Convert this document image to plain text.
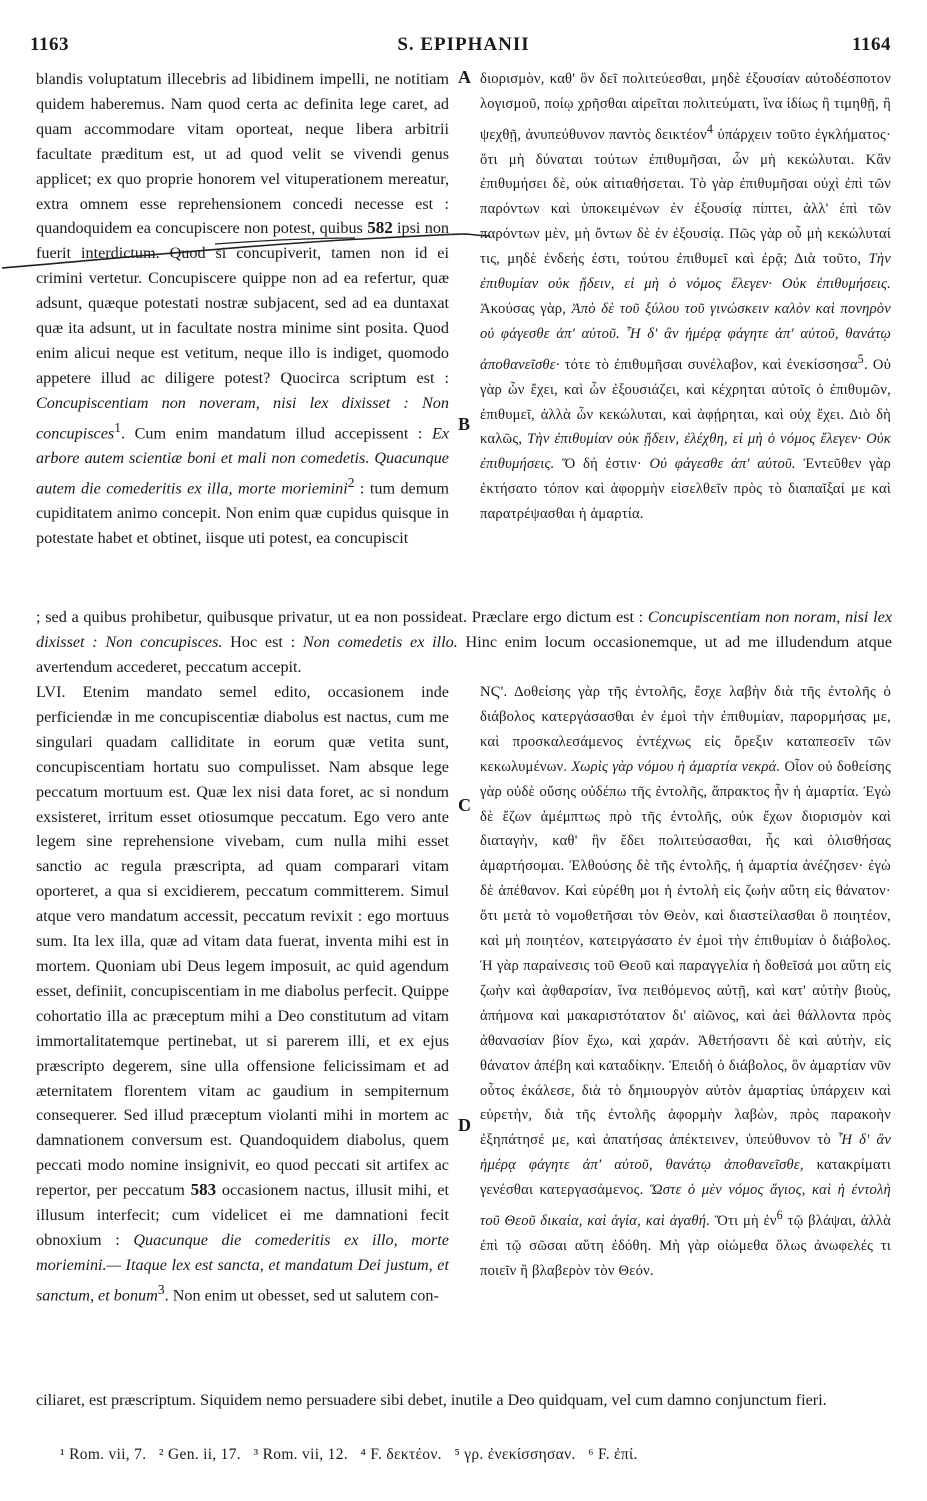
1163	S. EPIPHANII	1164
A
B
C
D
blandis voluptatum illecebris ad libidinem impelli, ne notitiam quidem haberemus. Nam quod certa ac definita lege caret, ad quam accommodare vitam oporteat, neque libera arbitrii facultate præditum est, ut ad quod velit se vivendi genus applicet; ex quo proprie honorem vel vituperationem mereatur, extra omnem esse reprehensionem concedi necesse est : quandoquidem ea concupiscere non potest, quibus 582 ipsi non fuerit interdictum. Quod si concupiverit, tamen non id ei crimini vertetur. Concupiscere quippe non ad ea refertur, quæ adsunt, quæque potestati nostræ subjacent, sed ad ea duntaxat quæ ita adsunt, ut in facultate nostra minime sint posita. Quod enim alicui neque est vetitum, neque illo is indiget, quomodo appetere illud ac diligere potest? Quocirca scriptum est : Concupiscentiam non noveram, nisi lex dixisset : Non concupisces$^1$. Cum enim mandatum illud accepissent : Ex arbore autem scientiæ boni et mali non comedetis. Quacunque autem die comederitis ex illa, morte moriemini$^2$ : tum demum cupiditatem animo concepit. Non enim quæ cupidus quisque in potestate habet et obtinet, iisque uti potest, ea concupiscit
διορισμὸν, καθ' ὃν δεῖ πολιτεύεσθαι, μηδὲ ἐξουσίαν αὐτοδέσποτον λογισμοῦ, ποίῳ χρῆσθαι αἱρεῖται πολιτεύματι, ἵνα ἰδίως ἢ τιμηθῇ, ἢ ψεχθῇ, ἀνυπεύθυνον παντὸς δεικτέον$^4$ ὑπάρχειν τοῦτο ἐγκλήματος· ὅτι μὴ δύναται τούτων ἐπιθυμῆσαι, ὧν μὴ κεκώλυται. Κἂν ἐπιθυμήσει δὲ, οὐκ αἰτιαθήσεται. Τὸ γὰρ ἐπιθυμῆσαι οὐχὶ ἐπὶ τῶν παρόντων καὶ ὑποκειμένων ἐν ἐξουσίᾳ πίπτει, ἀλλ' ἐπὶ τῶν παρόντων μὲν, μὴ ὄντων δὲ ἐν ἐξουσίᾳ. Πῶς γὰρ οὗ μὴ κεκώλυταί τις, μηδὲ ἐνδεής ἐστι, τούτου ἐπιθυμεῖ καὶ ἐρᾷ; Διὰ τοῦτο, Τὴν ἐπιθυμίαν οὐκ ᾔδειν, εἰ μὴ ὁ νόμος ἔλεγεν· Οὐκ ἐπιθυμήσεις. Ἀκούσας γὰρ, Ἀπὸ δὲ τοῦ ξύλου τοῦ γινώσκειν καλὸν καὶ πονηρὸν οὐ φάγεσθε ἀπ' αὐτοῦ. Ἧ δ' ἂν ἡμέρᾳ φάγητε ἀπ' αὐτοῦ, θανάτῳ ἀποθανεῖσθε· τότε τὸ ἐπιθυμῆσαι συνέλαβον, καὶ ἐνεκίσσησα$^5$. Οὐ γὰρ ὧν ἔχει, καὶ ὧν ἐξουσιάζει, καὶ κέχρηται αὐτοῖς ὁ ἐπιθυμῶν, ἐπιθυμεῖ, ἀλλὰ ὧν κεκώλυται, καὶ ἀφῄρηται, καὶ οὐχ ἔχει. Διὸ δὴ καλῶς, Τὴν ἐπιθυμίαν οὐκ ᾔδειν, ἐλέχθη, εἰ μὴ ὁ νόμος ἔλεγεν· Οὐκ ἐπιθυμήσεις. Ὅ δή ἐστιν· Οὐ φάγεσθε ἀπ' αὐτοῦ. Ἐντεῦθεν γὰρ ἐκτήσατο τόπον καὶ ἀφορμὴν εἰσελθεῖν πρὸς τὸ διαπαῖξαί με καὶ παρατρέψασθαι ἡ ἁμαρτία.
; sed a quibus prohibetur, quibusque privatur, ut ea non possideat. Præclare ergo dictum est : Concupiscentiam non noram, nisi lex dixisset : Non concupisces. Hoc est : Non comedetis ex illo. Hinc enim locum occasionemque, ut ad me illudendum atque avertendum accederet, peccatum accepit.
LVI. Etenim mandato semel edito, occasionem inde perficiendæ in me concupiscentiæ diabolus est nactus, cum me singulari quadam calliditate in eorum quæ vetita sunt, concupiscentiam hortatu suo compulisset. Nam absque lege peccatum mortuum est. Quæ lex nisi data foret, ac si nondum exsisteret, irritum esset otiosumque peccatum. Ego vero ante legem sine reprehensione vivebam, cum nulla mihi esset sanctio ac regula præscripta, ad quam comparari vitam oporteret, a qua si excidierem, peccatum committerem. Simul atque vero mandatum accessit, peccatum revixit : ego mortuus sum. Ita lex illa, quæ ad vitam data fuerat, inventa mihi est in mortem. Quoniam ubi Deus legem imposuit, ac quid agendum esset, definiit, concupiscentiam in me diabolus perfecit. Quippe cohortatio illa ac præceptum mihi a Deo constitutum ad vitam immortalitatemque pertinebat, ut si parerem illi, et ex ejus præscripto degerem, sine ulla offensione felicissimam et ad æternitatem florentem vitam ac gaudium in sempiternum consequerer. Sed illud præceptum violanti mihi in mortem ac damnationem conversum est. Quandoquidem diabolus, quem peccati modo nomine insignivit, eo quod peccati sit artifex ac repertor, per peccatum 583 occasionem nactus, illusit mihi, et illusum interfecit; cum videlicet ei me damnationi fecit obnoxium : Quacunque die comederitis ex illo, morte moriemini.— Itaque lex est sancta, et mandatum Dei justum, et sanctum, et bonum$^3$. Non enim ut obesset, sed ut salutem con-
ΝϚ'. Δοθείσης γὰρ τῆς ἐντολῆς, ἔσχε λαβὴν διὰ τῆς ἐντολῆς ὁ διάβολος κατεργάσασθαι ἐν ἐμοὶ τὴν ἐπιθυμίαν, παρορμήσας με, καὶ προσκαλεσάμενος ἐντέχνως εἰς ὄρεξιν καταπεσεῖν τῶν κεκωλυμένων. Χωρὶς γὰρ νόμου ἡ ἁμαρτία νεκρά. Οἷον οὐ δοθείσης γὰρ οὐδὲ οὔσης οὐδέπω τῆς ἐντολῆς, ἄπρακτος ἦν ἡ ἁμαρτία. Ἐγὼ δὲ ἔζων ἀμέμπτως πρὸ τῆς ἐντολῆς, οὐκ ἔχων διορισμὸν καὶ διαταγὴν, καθ' ἣν ἔδει πολιτεύσασθαι, ἧς καὶ ὀλισθήσας ἁμαρτήσομαι. Ἐλθούσης δὲ τῆς ἐντολῆς, ἡ ἁμαρτία ἀνέζησεν· ἐγὼ δὲ ἀπέθανον. Καὶ εὑρέθη μοι ἡ ἐντολὴ εἰς ζωὴν αὕτη εἰς θάνατον· ὅτι μετὰ τὸ νομοθετῆσαι τὸν Θεὸν, καὶ διαστείλασθαι ὃ ποιητέον, καὶ μὴ ποιητέον, κατειργάσατο ἐν ἐμοὶ τὴν ἐπιθυμίαν ὁ διάβολος. Ἡ γὰρ παραίνεσις τοῦ Θεοῦ καὶ παραγγελία ἡ δοθεῖσά μοι αὕτη εἰς ζωὴν καὶ ἀφθαρσίαν, ἵνα πειθόμενος αὐτῇ, καὶ κατ' αὐτὴν βιοὺς, ἀπήμονα καὶ μακαριστότατον δι' αἰῶνος, καὶ ἀεὶ θάλλοντα πρὸς ἀθανασίαν βίον ἔχω, καὶ χαράν. Ἀθετήσαντι δὲ καὶ αὐτὴν, εἰς θάνατον ἀπέβη καὶ καταδίκην. Ἐπειδὴ ὁ διάβολος, ὃν ἁμαρτίαν νῦν οὗτος ἐκάλεσε, διὰ τὸ δημιουργὸν αὐτὸν ἁμαρτίας ὑπάρχειν καὶ εὑρετὴν, διὰ τῆς ἐντολῆς ἀφορμὴν λαβὼν, πρὸς παρακοὴν ἐξηπάτησέ με, καὶ ἀπατήσας ἀπέκτεινεν, ὑπεύθυνον τὸ Ἧ δ' ἂν ἡμέρᾳ φάγητε ἀπ' αὐτοῦ, θανάτῳ ἀποθανεῖσθε, κατακρίματι γενέσθαι κατεργασάμενος. Ὥστε ὁ μὲν νόμος ἅγιος, καὶ ἡ ἐντολὴ τοῦ Θεοῦ δικαία, καὶ ἁγία, καὶ ἀγαθή. Ὅτι μὴ ἐν$^6$ τῷ βλάψαι, ἀλλὰ ἐπὶ τῷ σῶσαι αὕτη ἐδόθη. Μὴ γὰρ οἰώμεθα ὅλως ἀνωφελές τι ποιεῖν ἢ βλαβερὸν τὸν Θεόν.
ciliaret, est præscriptum. Siquidem nemo persuadere sibi debet, inutile a Deo quidquam, vel cum damno conjunctum fieri.
¹ Rom. vii, 7. ² Gen. ii, 17. ³ Rom. vii, 12. ⁴ F. δεκτέον. ⁵ γρ. ἐνεκίσσησαν. ⁶ F. ἐπί.
